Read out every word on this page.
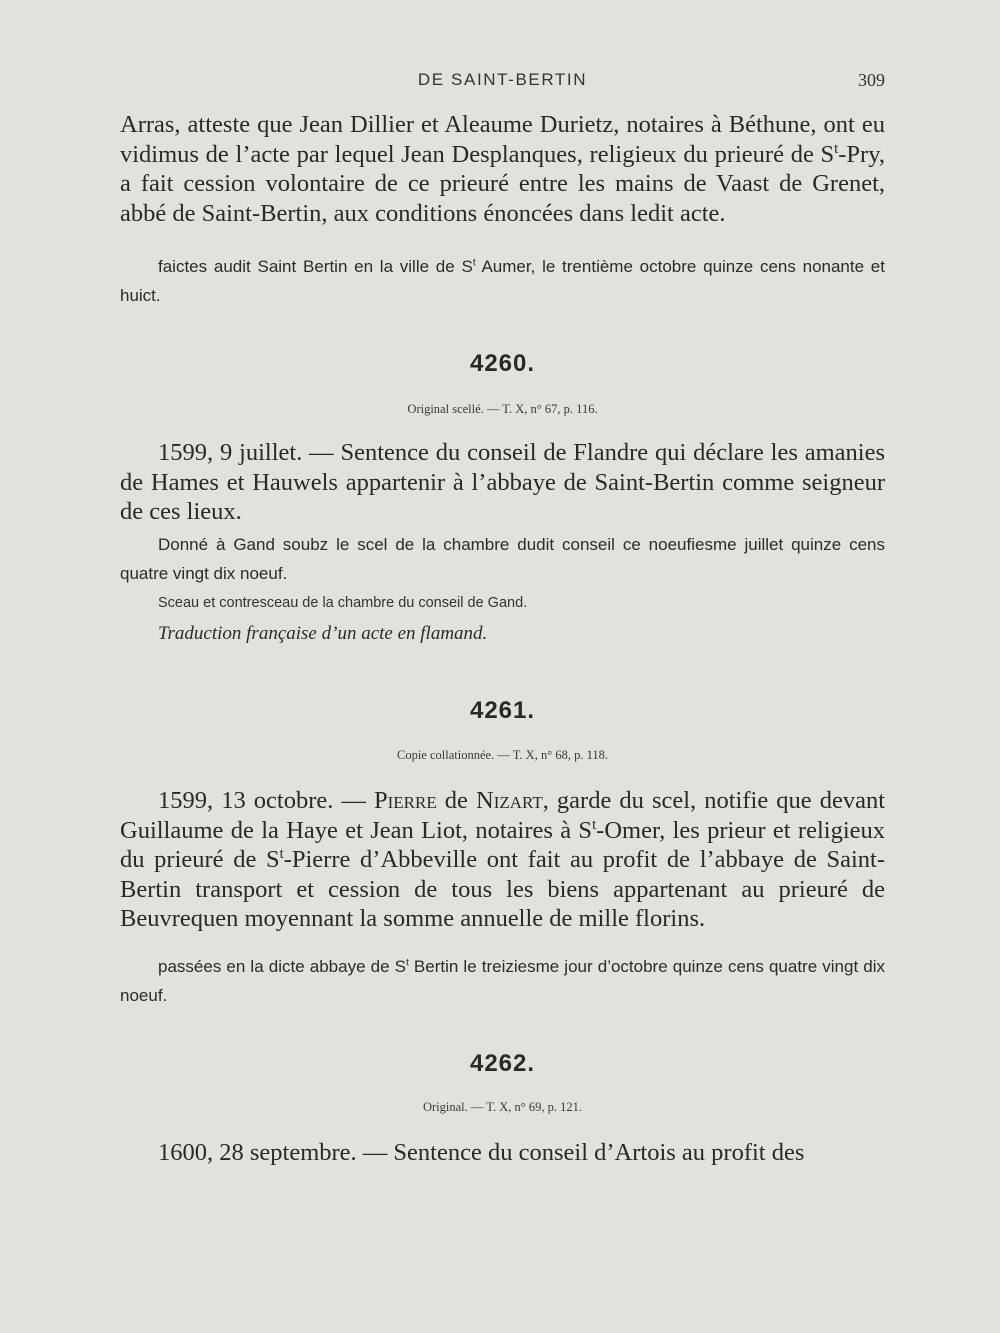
DE SAINT-BERTIN	309

Arras, atteste que Jean Dillier et Aleaume Durietz, notaires à Béthune, ont eu vidimus de l’acte par lequel Jean Desplanques, religieux du prieuré de $S^t$-Pry, a fait cession volontaire de ce prieuré entre les mains de Vaast de Grenet, abbé de Saint-Bertin, aux conditions énoncées dans ledit acte.

faictes audit Saint Bertin en la ville de $S^t$ Aumer, le trentième octobre quinze cens nonante et huict.

4260.
Original scellé. — T. X, n° 67, p. 116.

1599, 9 juillet. — Sentence du conseil de Flandre qui déclare les amanies de Hames et Hauwels appartenir à l’abbaye de Saint-Bertin comme seigneur de ces lieux.

Donné à Gand soubz le scel de la chambre dudit conseil ce noeufiesme juillet quinze cens quatre vingt dix noeuf.

Sceau et contresceau de la chambre du conseil de Gand.

Traduction française d’un acte en flamand.

4261.
Copie collationnée. — T. X, n° 68, p. 118.

1599, 13 octobre. — Pierre de Nizart, garde du scel, notifie que devant Guillaume de la Haye et Jean Liot, notaires à $S^t$-Omer, les prieur et religieux du prieuré de $S^t$-Pierre d’Abbeville ont fait au profit de l’abbaye de Saint-Bertin transport et cession de tous les biens appartenant au prieuré de Beuvrequen moyennant la somme annuelle de mille florins.

passées en la dicte abbaye de $S^t$ Bertin le treiziesme jour d’octobre quinze cens quatre vingt dix noeuf.

4262.
Original. — T. X, n° 69, p. 121.

1600, 28 septembre. — Sentence du conseil d’Artois au profit des
